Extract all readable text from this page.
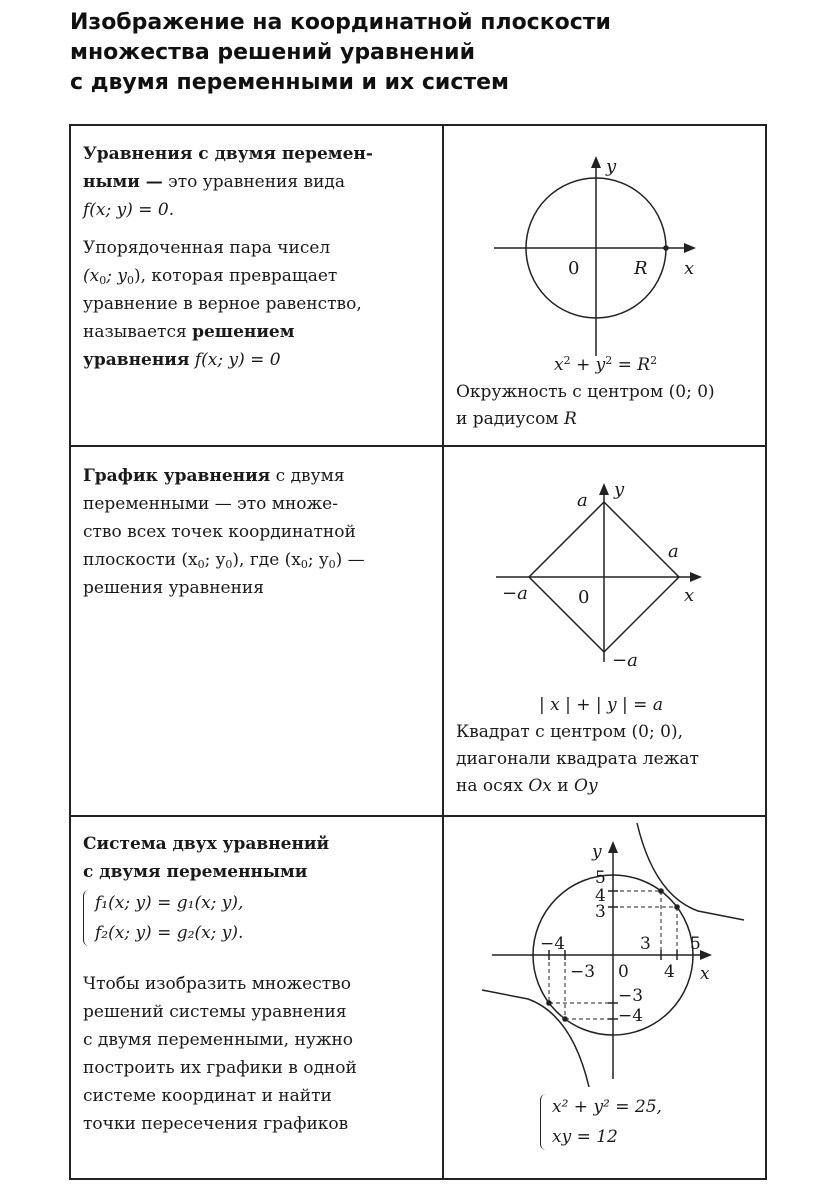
Изображение на координатной плоскости
множества решений уравнений
с двумя переменными и их систем

Уравнения с двумя перемен-

ными — это уравнения вида

f(x; y) = 0.

Упорядоченная пара чисел

($x_0$; $y_0$), которая превращает

уравнение в верное равенство,

называется решением

уравнения f(x; y) = 0

y
x
0	R
$x^2 + y^2 = R^2$
Окружность с центром (0; 0)
и радиусом R

График уравнения с двумя

переменными — это множе-

ство всех точек координатной

плоскости ($x_0$; $y_0$), где ($x_0$; $y_0$) —

решения уравнения

y
x
0
a
a
−a
−a
| x | + | y | = a
Квадрат с центром (0; 0),
диагонали квадрата лежат
на осях Ox и Oy

Система двух уравнений

с двумя переменными

f₁(x; y) = g₁(x; y),
f₂(x; y) = g₂(x; y).

Чтобы изобразить множество

решений системы уравнения

с двумя переменными, нужно

построить их графики в одной

системе координат и найти

точки пересечения графиков

y
x
0
5
4
3
−4
−3
3
4
5
−3
−4
x² + y² = 25,
xy = 12
